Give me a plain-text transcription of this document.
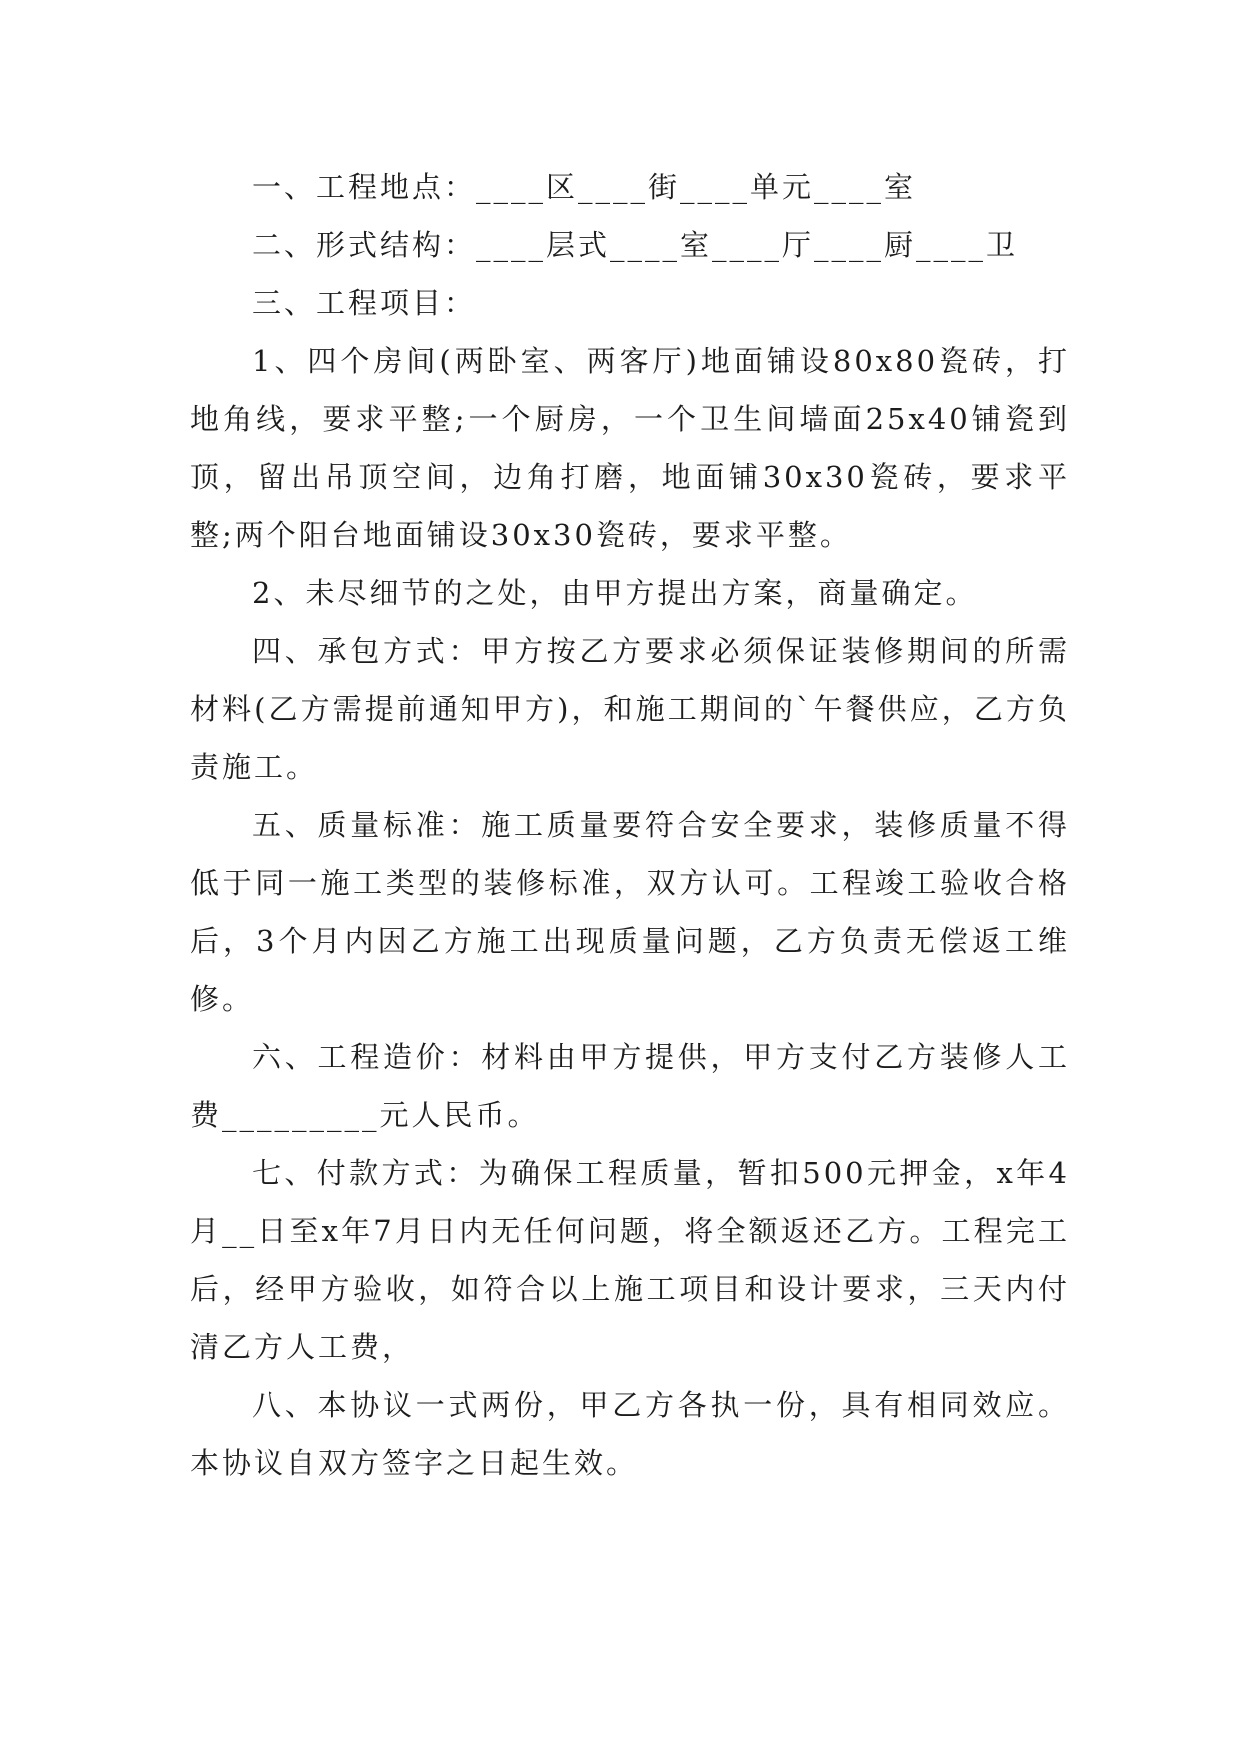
一、工程地点：____区____街____单元____室

二、形式结构：____层式____室____厅____厨____卫

三、工程项目：

1、四个房间(两卧室、两客厅)地面铺设80x80瓷砖，打地角线，要求平整;一个厨房，一个卫生间墙面25x40铺瓷到顶，留出吊顶空间，边角打磨，地面铺30x30瓷砖，要求平整;两个阳台地面铺设30x30瓷砖，要求平整。

2、未尽细节的之处，由甲方提出方案，商量确定。

四、承包方式：甲方按乙方要求必须保证装修期间的所需材料(乙方需提前通知甲方)，和施工期间的`午餐供应，乙方负责施工。

五、质量标准：施工质量要符合安全要求，装修质量不得低于同一施工类型的装修标准，双方认可。工程竣工验收合格后，3个月内因乙方施工出现质量问题，乙方负责无偿返工维修。

六、工程造价：材料由甲方提供，甲方支付乙方装修人工费_________元人民币。

七、付款方式：为确保工程质量，暂扣500元押金，x年4月__日至x年7月日内无任何问题，将全额返还乙方。工程完工后，经甲方验收，如符合以上施工项目和设计要求，三天内付清乙方人工费，

八、本协议一式两份，甲乙方各执一份，具有相同效应。本协议自双方签字之日起生效。
